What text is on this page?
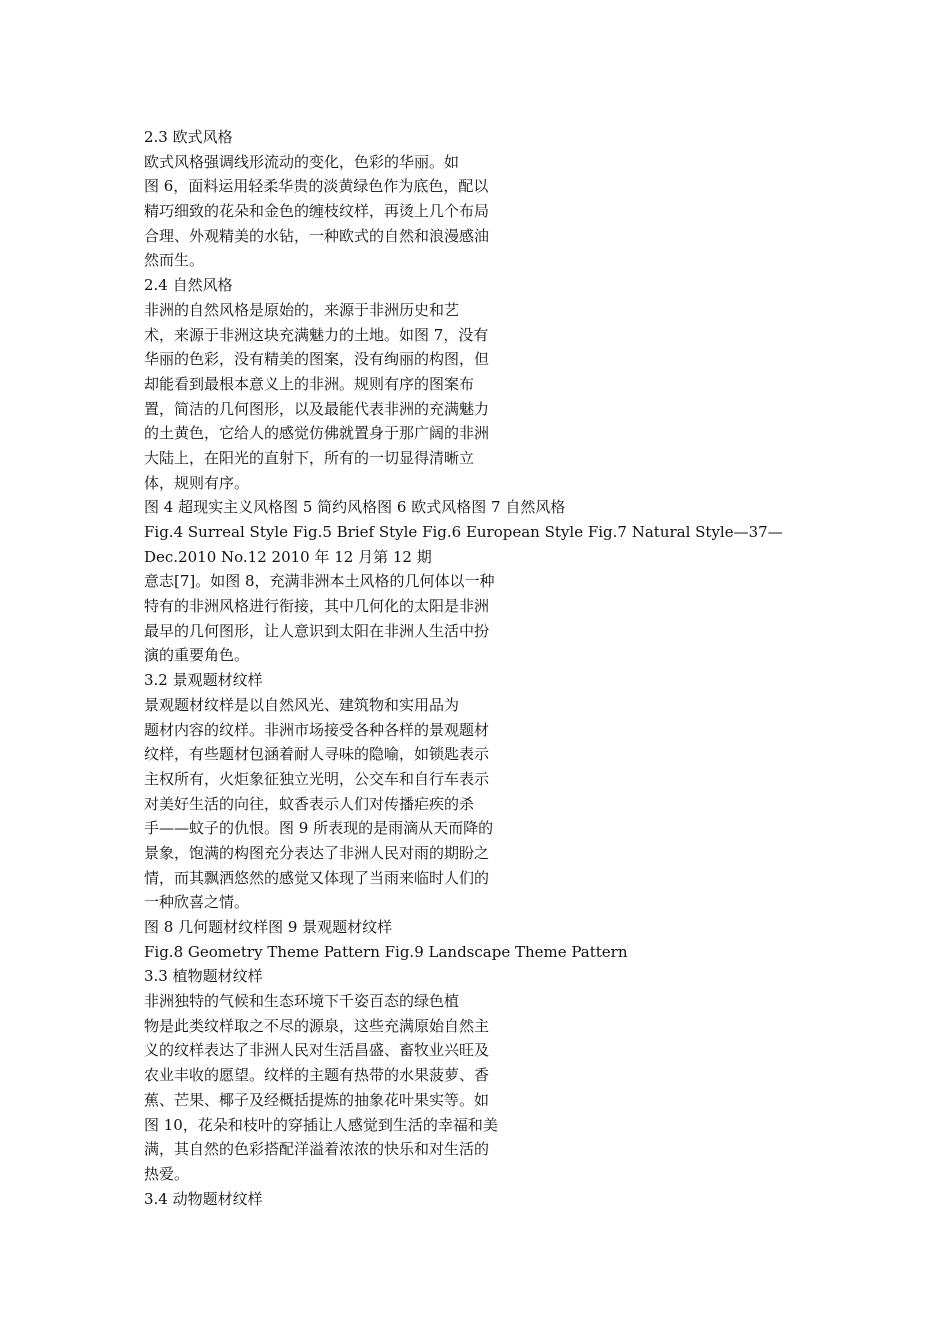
2.3 欧式风格
欧式风格强调线形流动的变化，色彩的华丽。如
图 6，面料运用轻柔华贵的淡黄绿色作为底色，配以
精巧细致的花朵和金色的缠枝纹样，再烫上几个布局
合理、外观精美的水钻，一种欧式的自然和浪漫感油
然而生。
2.4 自然风格
非洲的自然风格是原始的，来源于非洲历史和艺
术，来源于非洲这块充满魅力的土地。如图 7，没有
华丽的色彩，没有精美的图案，没有绚丽的构图，但
却能看到最根本意义上的非洲。规则有序的图案布
置，简洁的几何图形，以及最能代表非洲的充满魅力
的土黄色，它给人的感觉仿佛就置身于那广阔的非洲
大陆上，在阳光的直射下，所有的一切显得清晰立
体，规则有序。
图 4 超现实主义风格图 5 简约风格图 6 欧式风格图 7 自然风格
Fig.4 Surreal Style Fig.5 Brief Style Fig.6 European Style Fig.7 Natural Style—37—
Dec.2010 No.12 2010 年 12 月第 12 期
意志[7]。如图 8，充满非洲本土风格的几何体以一种
特有的非洲风格进行衔接，其中几何化的太阳是非洲
最早的几何图形，让人意识到太阳在非洲人生活中扮
演的重要角色。
3.2 景观题材纹样
景观题材纹样是以自然风光、建筑物和实用品为
题材内容的纹样。非洲市场接受各种各样的景观题材
纹样，有些题材包涵着耐人寻味的隐喻，如锁匙表示
主权所有，火炬象征独立光明，公交车和自行车表示
对美好生活的向往，蚊香表示人们对传播疟疾的杀
手——蚊子的仇恨。图 9 所表现的是雨滴从天而降的
景象，饱满的构图充分表达了非洲人民对雨的期盼之
情，而其飘洒悠然的感觉又体现了当雨来临时人们的
一种欣喜之情。
图 8 几何题材纹样图 9 景观题材纹样
Fig.8 Geometry Theme Pattern Fig.9 Landscape Theme Pattern
3.3 植物题材纹样
非洲独特的气候和生态环境下千姿百态的绿色植
物是此类纹样取之不尽的源泉，这些充满原始自然主
义的纹样表达了非洲人民对生活昌盛、畜牧业兴旺及
农业丰收的愿望。纹样的主题有热带的水果菠萝、香
蕉、芒果、椰子及经概括提炼的抽象花叶果实等。如
图 10，花朵和枝叶的穿插让人感觉到生活的幸福和美
满，其自然的色彩搭配洋溢着浓浓的快乐和对生活的
热爱。
3.4 动物题材纹样
